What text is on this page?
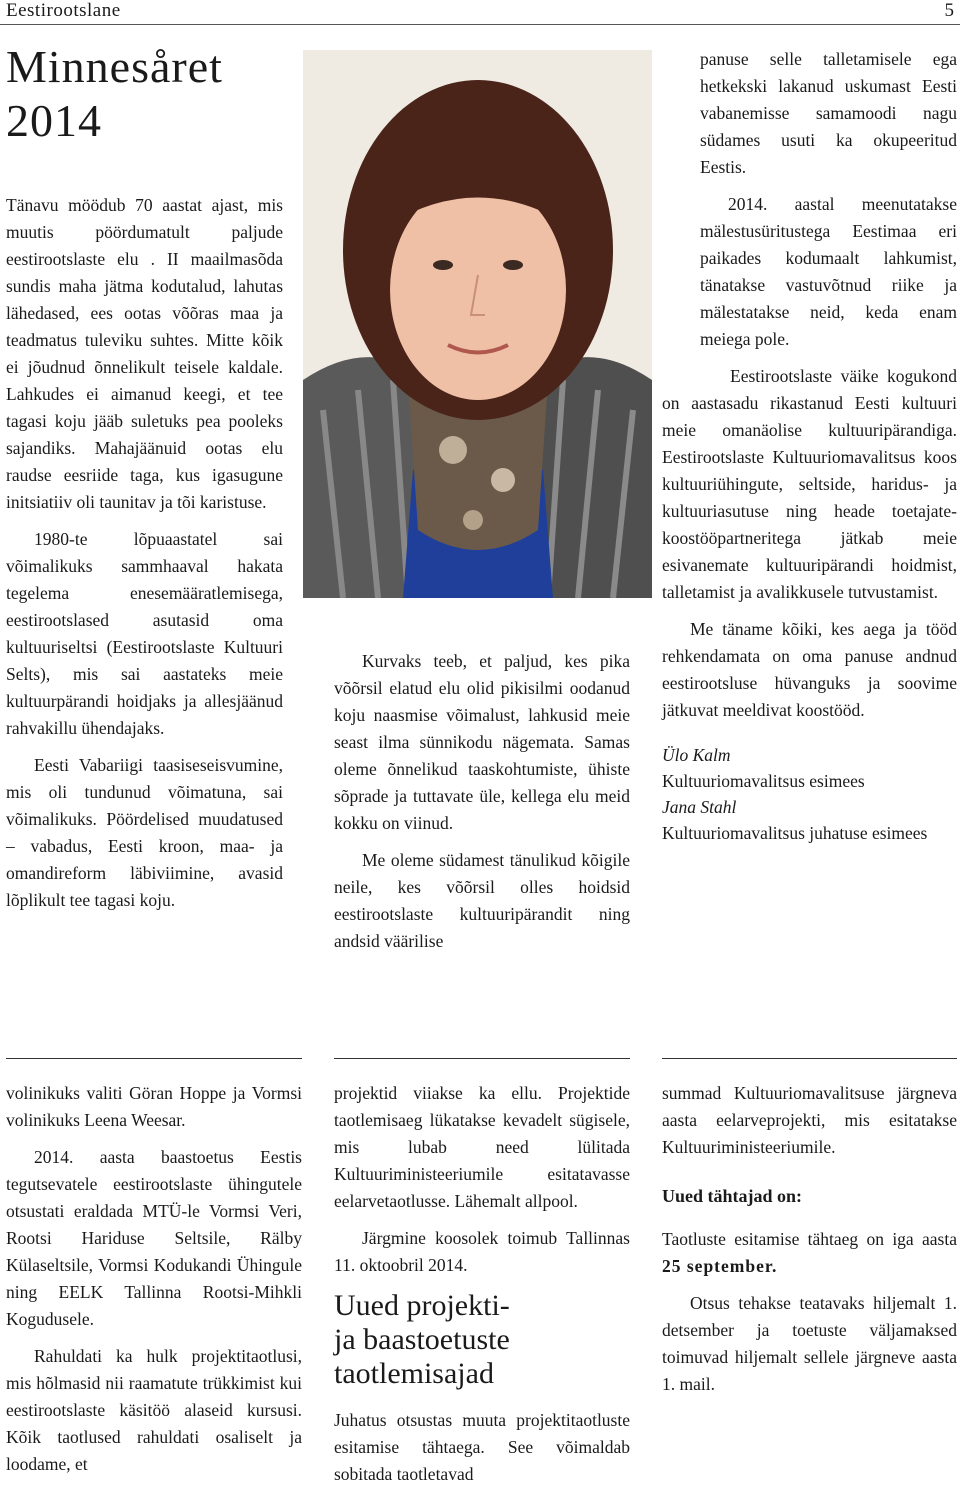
Eestirootslane	5
Minnesåret
2014

Tänavu möödub 70 aastat ajast, mis muutis pöördumatult paljude eestirootslaste elu . II maailmasõda sundis maha jätma kodutalud, lahutas lähedased, ees ootas võõras maa ja teadmatus tuleviku suhtes. Mitte kõik ei jõudnud õnnelikult teisele kaldale. Lahkudes ei aimanud keegi, et tee tagasi koju jääb suletuks pea pooleks sajandiks. Mahajäänuid ootas elu raudse eesriide taga, kus igasugune initsiatiiv oli taunitav ja tõi karistuse.

1980-te lõpuaastatel sai võimalikuks sammhaaval hakata tegelema enesemääratlemisega, eestirootslased asutasid oma kultuuriseltsi (Eestirootslaste Kultuuri Selts), mis sai aastateks meie kultuurpärandi hoidjaks ja allesjäänud rahvakillu ühendajaks.

Eesti Vabariigi taasiseseisvumine, mis oli tundunud võimatuna, sai võimalikuks. Pöördelised muudatused – vabadus, Eesti kroon, maa- ja omandireform läbiviimine, avasid lõplikult tee tagasi koju.

Kurvaks teeb, et paljud, kes pika võõrsil elatud elu olid pikisilmi oodanud koju naasmise võimalust, lahkusid meie seast ilma sünnikodu nägemata. Samas oleme õnnelikud taaskohtumiste, ühiste sõprade ja tuttavate üle, kellega elu meid kokku on viinud.

Me oleme südamest tänulikud kõigile neile, kes võõrsil olles hoidsid eestirootslaste kultuuripärandit ning andsid väärilise

panuse selle talletamisele ega hetkekski lakanud uskumast Eesti vabanemisse samamoodi nagu südames usuti ka okupeeritud Eestis.

2014. aastal meenutatakse mälestusüritustega Eestimaa eri paikades kodumaalt lahkumist, tänatakse vastuvõtnud riike ja mälestatakse neid, keda enam meiega pole.

Eestirootslaste väike kogukond on aastasadu rikastanud Eesti kultuuri meie omanäolise kultuuripärandiga. Eestirootslaste Kultuuriomavalitsus koos kultuuriühingute, seltside, haridus- ja kultuuriasutuse ning heade toetajate-koostööpartneritega jätkab meie esivanemate kultuuripärandi hoidmist, talletamist ja avalikkusele tutvustamist.

Me täname kõiki, kes aega ja tööd rehkendamata on oma panuse andnud eestirootsluse hüvanguks ja soovime jätkuvat meeldivat koostööd.

Ülo Kalm
Kultuuriomavalitsus esimees
Jana Stahl
Kultuuriomavalitsus juhatuse esimees

volinikuks valiti Göran Hoppe ja Vormsi volinikuks Leena Weesar.

2014. aasta baastoetus Eestis tegutsevatele eestirootslaste ühingutele otsustati eraldada MTÜ-le Vormsi Veri, Rootsi Hariduse Seltsile, Rälby Külaseltsile, Vormsi Kodukandi Ühingule ning EELK Tallinna Rootsi-Mihkli Kogudusele.

Rahuldati ka hulk projektitaotlusi, mis hõlmasid nii raamatute trükkimist kui eestirootslaste käsitöö alaseid kursusi. Kõik taotlused rahuldati osaliselt ja loodame, et

projektid viiakse ka ellu. Projektide taotlemisaeg lükatakse kevadelt sügisele, mis lubab need lülitada Kultuuriministeeriumile esitatavasse eelarvetaotlusse. Lähemalt allpool.

Järgmine koosolek toimub Tallinnas 11. oktoobril 2014.

Uued projekti-
ja baastoetuste
taotlemisajad

Juhatus otsustas muuta projektitaotluste esitamise tähtaega. See võimaldab sobitada taotletavad

summad Kultuuriomavalitsuse järgneva aasta eelarveprojekti, mis esitatakse Kultuuriministeeriumile.

Uued tähtajad on:

Taotluste esitamise tähtaeg on iga aasta 25 september.

Otsus tehakse teatavaks hiljemalt 1. detsember ja toetuste väljamaksed toimuvad hiljemalt sellele järgneve aasta 1. mail.
